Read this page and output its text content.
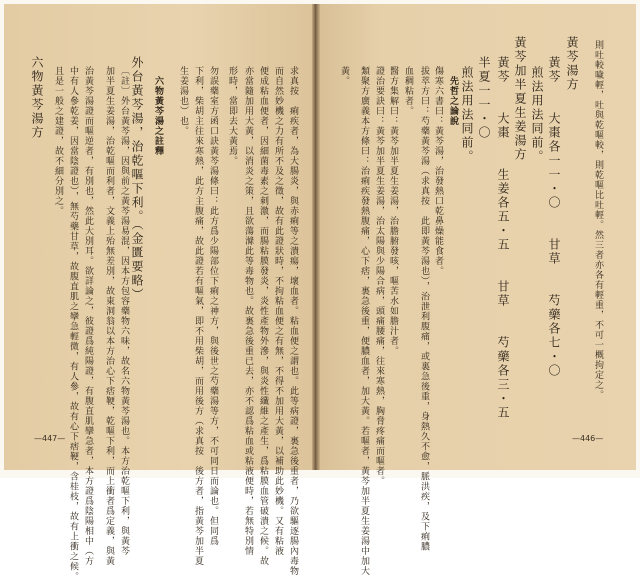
則吐較噦輕，吐與乾嘔較，則乾嘔比吐輕。然三者亦各有輕重，不可一概拘定之。
黃芩湯方
黃芩　　大棗各一一・〇　　甘草　　芍藥各七・〇
煎法用法同前。
黃芩加半夏生姜湯方
黃芩　　大棗　　生姜各五・五　　甘草　　芍藥各三・五
半夏一一・〇
煎法用法同前。
先哲之論說
傷寒六書曰：黃芩湯，治發熱口乾鼻燥能食者。
拔萃方曰：芍藥黃芩湯（求真按　此即黃芩湯也），治泄利腹痛，或裏急後重，身熱久不愈，脈洪疾，及下痢膿
血稠粘者。
醫方集解曰：黃芩加半夏生姜湯，治膽腑發咳，嘔苦水如膽汁者。
證治要訣曰：黃芩加半夏生姜湯，治太陽與少陽合病，頭痛腰痛，往來寒熱，胸脅疼痛而嘔者。
類聚方廣義本方條曰：治痢疾發熱腹痛，心下痞，裏急後重，便膿血者，加大黃。若嘔者，黃芩加半夏生姜湯中加大
黃。
—446—
求真按　痢疾者，為大腸炎，與赤痢等之潰瘍，壞血者。粘血便之謂也。此等病證，裏急後重者，乃欲驅逐腸內毒物
而自然妙機之力有所不及之徵，故有此證狀時，不拘粘血便之有無，不得不加用大黃，以補助此妙機。又有粘液
便成粘血便者，因細菌毒素之刺激，而腸粘膜發炎，炎性產物外滲，與炎性纖維之產生，爲粘膜血管破潰之候。故
亦當隨加用大黃，以消炎之策，且欲蕩滌此等毒物也。故裏急後重已去，亦不認爲粘血或粘液便時，若無特別情
形時，當即去大黃焉。
勿誤藥室方函口訣黃芩湯條曰：此方爲少陽部位下痢之神方，與後世之芍藥湯等方，不可同日而論也。但同爲
下利，柴胡主往來寒熱，此方主腹痛，故此證若有嘔氣，即不用柴胡，而用後方（求真按　後方者，指黃芩加半夏
生姜湯也）也。
六物黃芩湯之註釋
外台黃芩湯，治乾嘔下利。（金匱要略）
〔註〕外台黃芩湯，因與前之黃芩湯易混，因本方包容藥物六味，故名六物黃芩湯也。本方治乾嘔下利，與黃芩
加半夏生姜湯，治乾嘔而利者，文義上殆無差別，故東洞翁以本方治心下痞鞕，乾嘔下利，而上衝者爲定義，與黃
治黃芩湯證而嘔逆者，有別也，然此大別耳。欲詳論之，彼證爲純陽證，有腹直肌攣急者，本方證爲陰陽相中（方
中有人參乾姜，因當陰證也），無芍藥甘草，故腹直肌之攣急輕微，有人參，故有心下痞鞕，含桂枝，故有上衝之候。
且是一般之建證，故不細分別之。
六物黃芩湯方
—447—
